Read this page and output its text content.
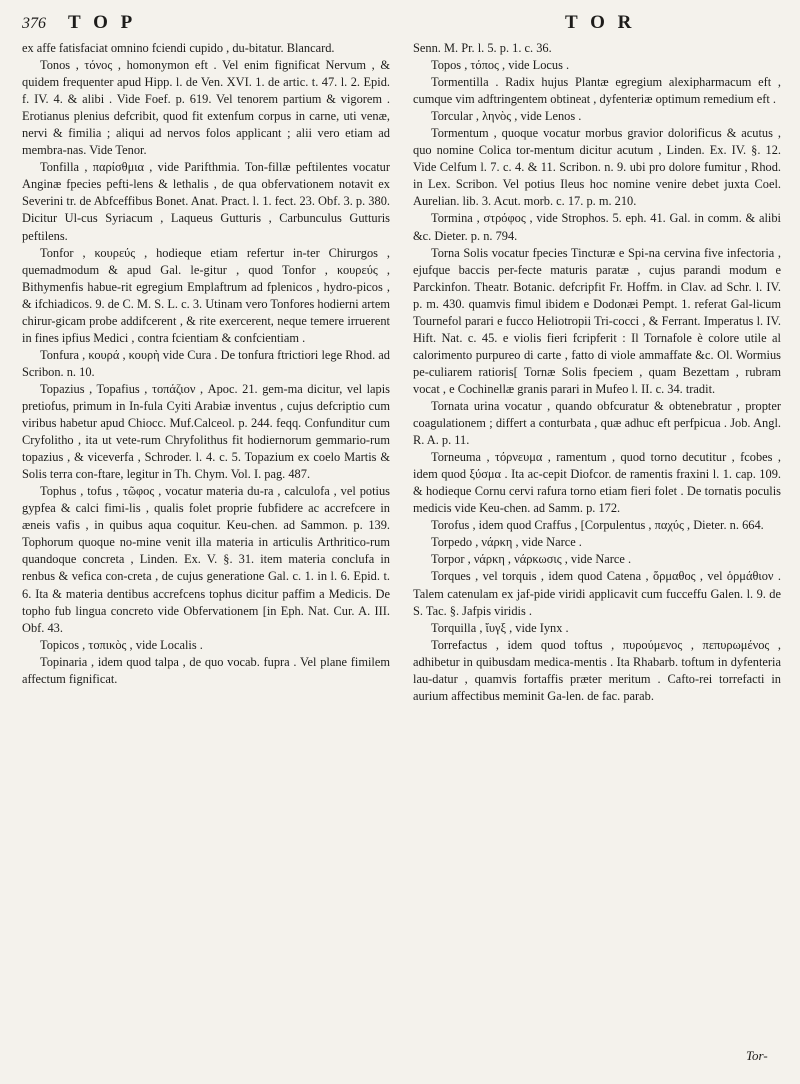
376 T O P	T O R

ex affe fatisfaciat omnino fciendi cupido , du-bitatur. Blancard.

Tonos , τόνος , homonymon eft . Vel enim fignificat Nervum , & quidem frequenter apud Hipp. l. de Ven. XVI. 1. de artic. t. 47. l. 2. Epid. f. IV. 4. & alibi . Vide Foef. p. 619. Vel tenorem partium & vigorem . Erotianus plenius defcribit, quod fit extenfum corpus in carne, uti venæ, nervi & fimilia ; aliqui ad nervos folos applicant ; alii vero etiam ad membra-nas. Vide Tenor.

Tonfilla , παρίσθμια , vide Parifthmia. Ton-fillæ peftilentes vocatur Anginæ fpecies pefti-lens & lethalis , de qua obfervationem notavit ex Severini tr. de Abfceffibus Bonet. Anat. Pract. l. 1. fect. 23. Obf. 3. p. 380. Dicitur Ul-cus Syriacum , Laqueus Gutturis , Carbunculus Gutturis peftilens.

Tonfor , κουρεύς , hodieque etiam refertur in-ter Chirurgos , quemadmodum & apud Gal. le-gitur , quod Tonfor , κουρεύς , Bithymenfis habue-rit egregium Emplaftrum ad fplenicos , hydro-picos , & ifchiadicos. 9. de C. M. S. L. c. 3. Utinam vero Tonfores hodierni artem chirur-gicam probe addifcerent , & rite exercerent, neque temere irruerent in fines ipfius Medici , contra fcientiam & confcientiam .

Tonfura , κουρά , κουρὴ vide Cura . De tonfura ftrictiori lege Rhod. ad Scribon. n. 10.

Topazius , Topafius , τοπάζιον , Apoc. 21. gem-ma dicitur, vel lapis pretiofus, primum in In-fula Cyiti Arabiæ inventus , cujus defcriptio cum viribus habetur apud Chiocc. Muf.Calceol. p. 244. feqq. Confunditur cum Cryfolitho , ita ut vete-rum Chryfolithus fit hodiernorum gemmario-rum topazius , & viceverfa , Schroder. l. 4. c. 5. Topazium ex coelo Martis & Solis terra con-ftare, legitur in Th. Chym. Vol. I. pag. 487.

Tophus , tofus , τῶφος , vocatur materia du-ra , calculofa , vel potius gypfea & calci fimi-lis , qualis folet proprie fubfidere ac accrefcere in æneis vafis , in quibus aqua coquitur. Keu-chen. ad Sammon. p. 139. Tophorum quoque no-mine venit illa materia in articulis Arthritico-rum quandoque concreta , Linden. Ex. V. §. 31. item materia conclufa in renbus & vefica con-creta , de cujus generatione Gal. c. 1. in l. 6. Epid. t. 6. Ita & materia dentibus accrefcens tophus dicitur paffim a Medicis. De topho fub lingua concreto vide Obfervationem [in Eph. Nat. Cur. A. III. Obf. 43.

Topicos , τοπικὸς , vide Localis .

Topinaria , idem quod talpa , de quo vocab. fupra . Vel plane fimilem affectum fignificat.

Senn. M. Pr. l. 5. p. 1. c. 36.

Topos , τόπος , vide Locus .

Tormentilla . Radix hujus Plantæ egregium alexipharmacum eft , cumque vim adftringentem obtineat , dyfenteriæ optimum remedium eft .

Torcular , ληνὸς , vide Lenos .

Tormentum , quoque vocatur morbus gravior dolorificus & acutus , quo nomine Colica tor-mentum dicitur acutum , Linden. Ex. IV. §. 12. Vide Celfum l. 7. c. 4. & 11. Scribon. n. 9. ubi pro dolore fumitur , Rhod. in Lex. Scribon. Vel potius Ileus hoc nomine venire debet juxta Coel. Aurelian. lib. 3. Acut. morb. c. 17. p. m. 210.

Tormina , στρόφος , vide Strophos. 5. eph. 41. Gal. in comm. & alibi &c. Dieter. p. n. 794.

Torna Solis vocatur fpecies Tincturæ e Spi-na cervina five infectoria , ejufque baccis per-fecte maturis paratæ , cujus parandi modum e Parckinfon. Theatr. Botanic. defcripfit Fr. Hoffm. in Clav. ad Schr. l. IV. p. m. 430. quamvis fimul ibidem e Dodonæi Pempt. 1. referat Gal-licum Tournefol parari e fucco Heliotropii Tri-cocci , & Ferrant. Imperatus l. IV. Hift. Nat. c. 45. e violis fieri fcripferit : Il Tornafole è colore utile al calorimento purpureo di carte , fatto di viole ammaffate &c. Ol. Wormius pe-culiarem ratioris[ Tornæ Solis fpeciem , quam Bezettam , rubram vocat , e Cochinellæ granis parari in Mufeo l. II. c. 34. tradit.

Tornata urina vocatur , quando obfcuratur & obtenebratur , propter coagulationem ; differt a conturbata , quæ adhuc eft perfpicua . Job. Angl. R. A. p. 11.

Torneuma , τόρνευμα , ramentum , quod torno decutitur , fcobes , idem quod ξύσμα . Ita ac-cepit Diofcor. de ramentis fraxini l. 1. cap. 109. & hodieque Cornu cervi rafura torno etiam fieri folet . De tornatis poculis medicis vide Keu-chen. ad Samm. p. 172.

Torofus , idem quod Craffus , [Corpulentus , παχύς , Dieter. n. 664.

Torpedo , νάρκη , vide Narce .

Torpor , νάρκη , νάρκωσις , vide Narce .

Torques , vel torquis , idem quod Catena , ὅρμαθος , vel ὁρμάθιον . Talem catenulam ex jaf-pide viridi applicavit cum fucceffu Galen. l. 9. de S. Tac. §. Jafpis viridis .

Torquilla , ἴυγξ , vide Iynx .

Torrefactus , idem quod toftus , πυρούμενος , πεπυρωμένος , adhibetur in quibusdam medica-mentis . Ita Rhabarb. toftum in dyfenteria lau-datur , quamvis fortaffis præter meritum . Cafto-rei torrefacti in aurium affectibus meminit Ga-len. de fac. parab.

Tor-
